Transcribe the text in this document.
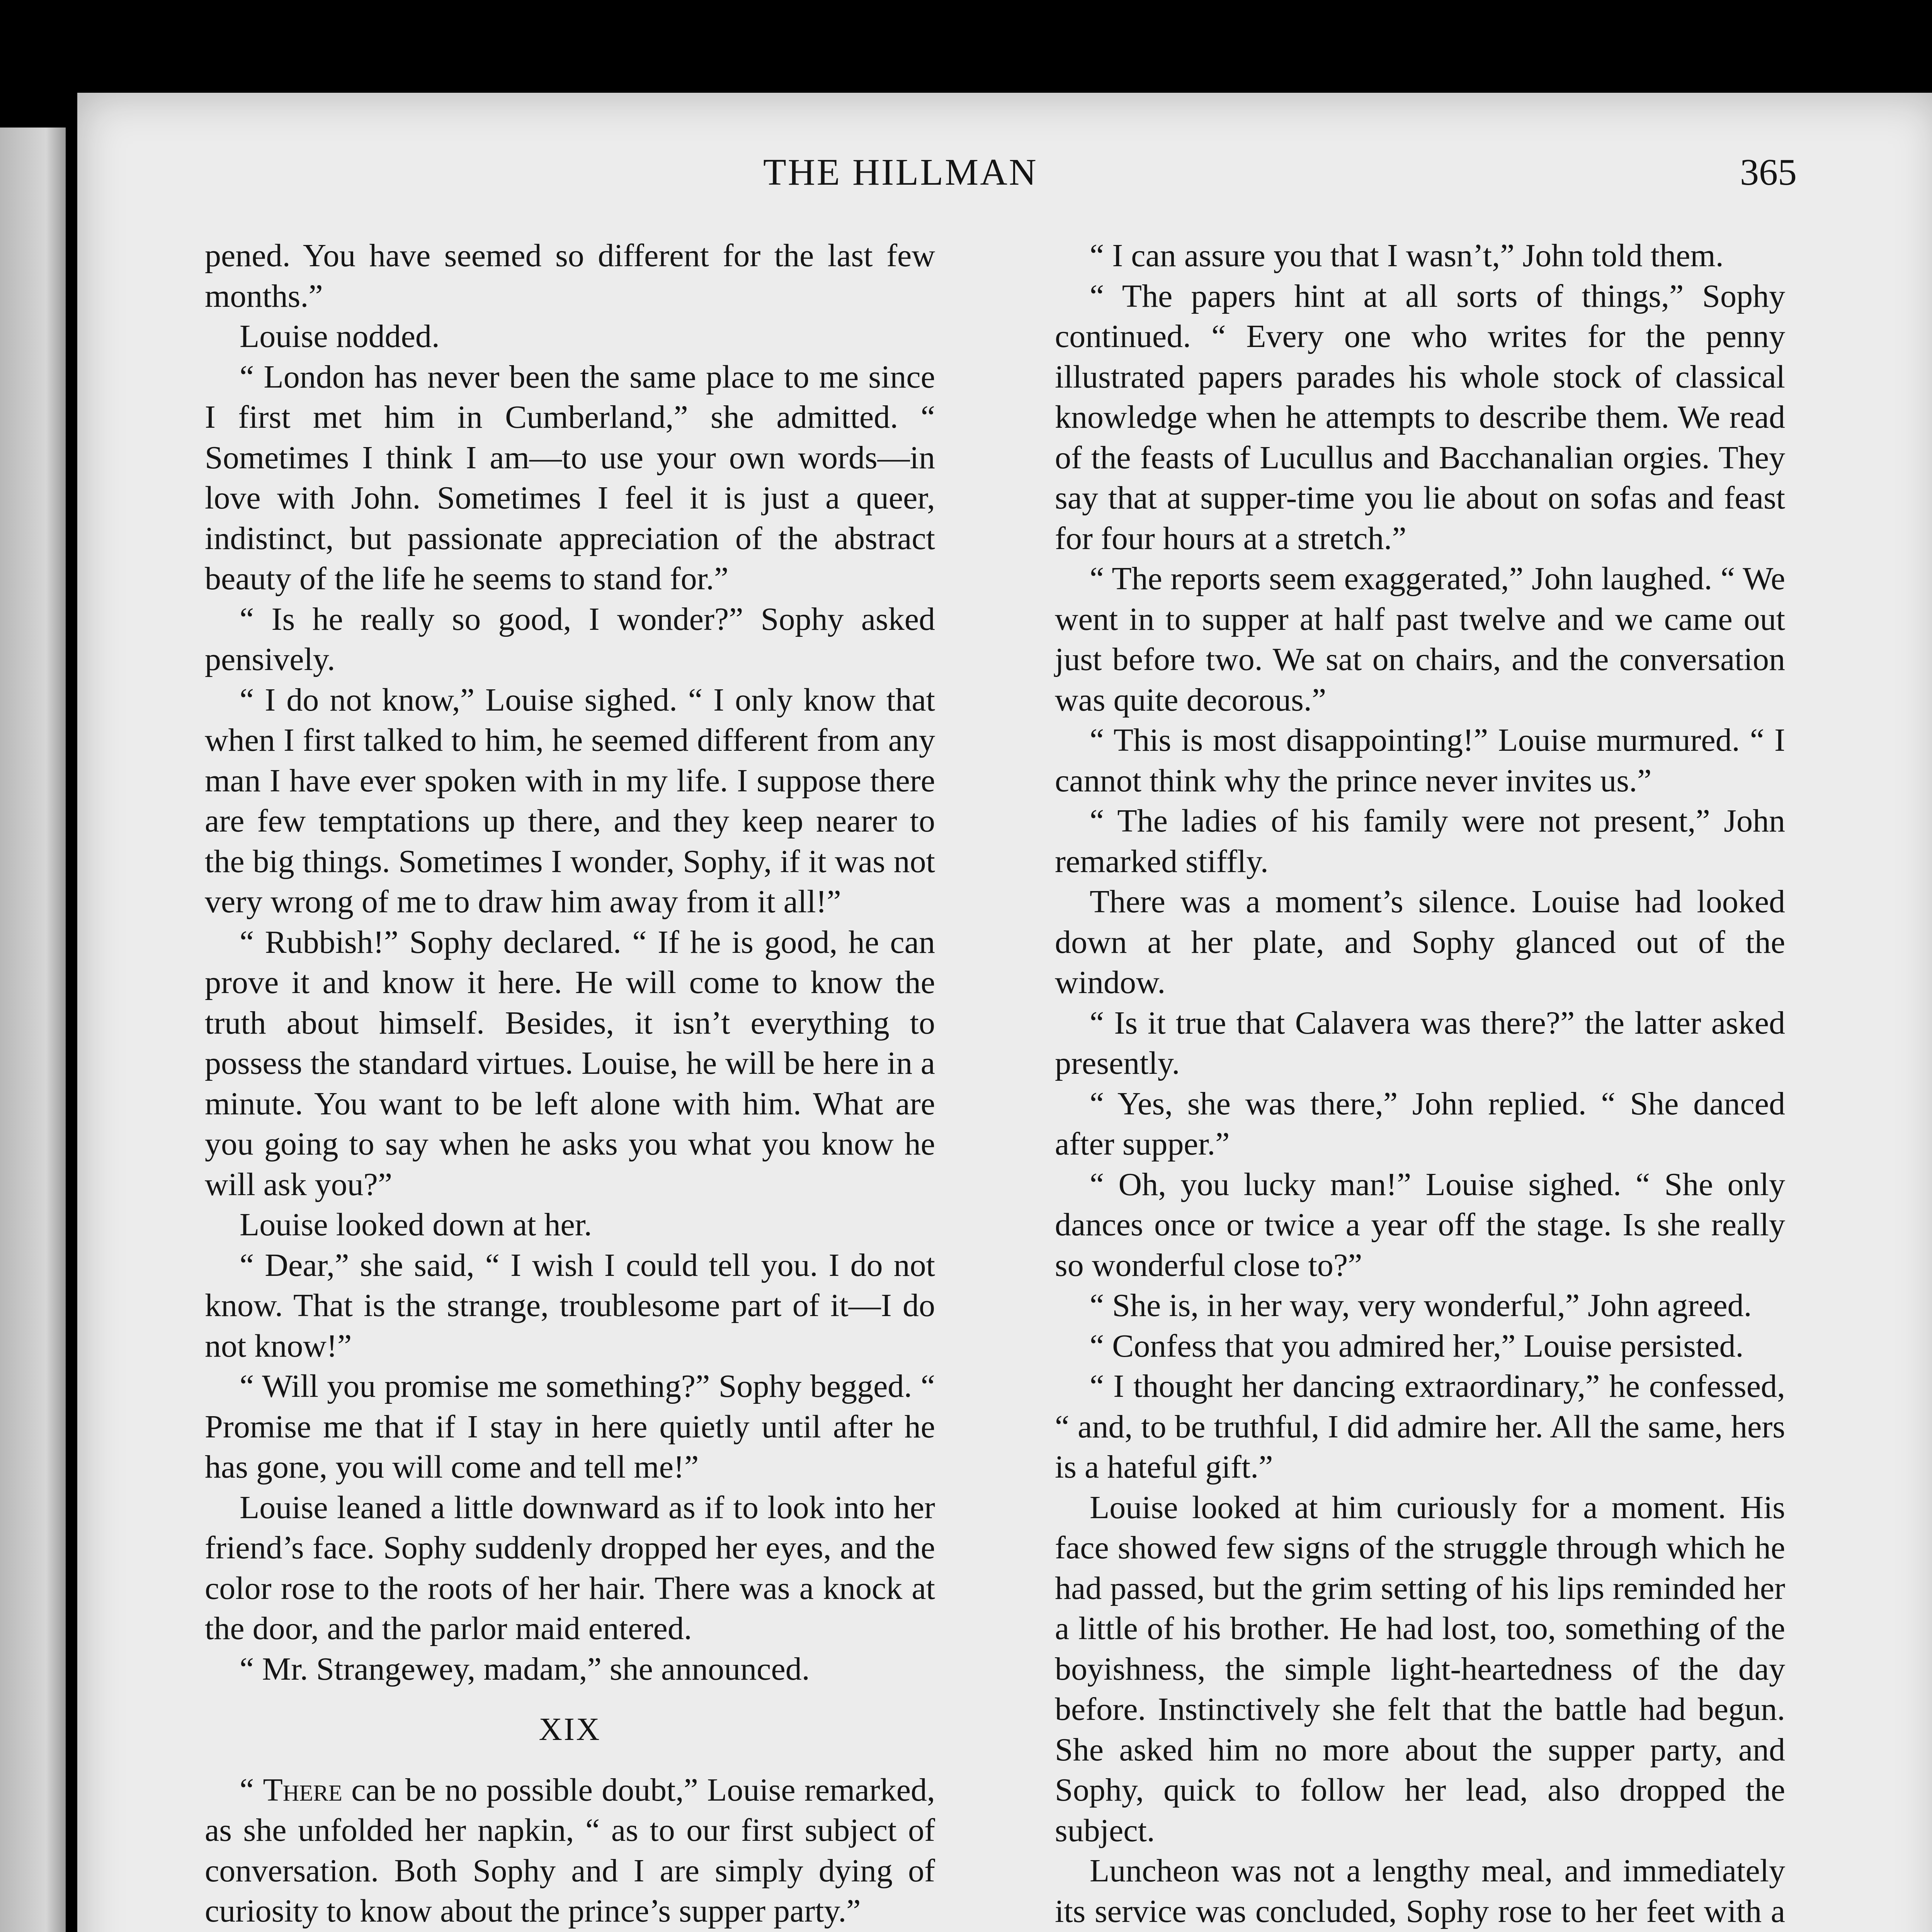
THE HILLMAN	365

pened. You have seemed so different for the last few months.”

Louise nodded.

“ London has never been the same place to me since I first met him in Cumberland,” she admitted. “ Sometimes I think I am—to use your own words—in love with John. Sometimes I feel it is just a queer, indistinct, but passionate appreciation of the abstract beauty of the life he seems to stand for.”

“ Is he really so good, I wonder?” Sophy asked pensively.

“ I do not know,” Louise sighed. “ I only know that when I first talked to him, he seemed different from any man I have ever spoken with in my life. I suppose there are few temptations up there, and they keep nearer to the big things. Sometimes I wonder, Sophy, if it was not very wrong of me to draw him away from it all!”

“ Rubbish!” Sophy declared. “ If he is good, he can prove it and know it here. He will come to know the truth about himself. Besides, it isn’t everything to possess the standard virtues. Louise, he will be here in a minute. You want to be left alone with him. What are you going to say when he asks you what you know he will ask you?”

Louise looked down at her.

“ Dear,” she said, “ I wish I could tell you. I do not know. That is the strange, troublesome part of it—I do not know!”

“ Will you promise me something?” Sophy begged. “ Promise me that if I stay in here quietly until after he has gone, you will come and tell me!”

Louise leaned a little downward as if to look into her friend’s face. Sophy suddenly dropped her eyes, and the color rose to the roots of her hair. There was a knock at the door, and the parlor maid entered.

“ Mr. Strangewey, madam,” she announced.

XIX

“ There can be no possible doubt,” Louise remarked, as she unfolded her napkin, “ as to our first subject of conversation. Both Sophy and I are simply dying of curiosity to know about the prince’s supper party.”

“ I can assure you that I wasn’t,” John told them.

“ The papers hint at all sorts of things,” Sophy continued. “ Every one who writes for the penny illustrated papers parades his whole stock of classical knowledge when he attempts to describe them. We read of the feasts of Lucullus and Bacchanalian orgies. They say that at supper-time you lie about on sofas and feast for four hours at a stretch.”

“ The reports seem exaggerated,” John laughed. “ We went in to supper at half past twelve and we came out just before two. We sat on chairs, and the conversation was quite decorous.”

“ This is most disappointing!” Louise murmured. “ I cannot think why the prince never invites us.”

“ The ladies of his family were not present,” John remarked stiffly.

There was a moment’s silence. Louise had looked down at her plate, and Sophy glanced out of the window.

“ Is it true that Calavera was there?” the latter asked presently.

“ Yes, she was there,” John replied. “ She danced after supper.”

“ Oh, you lucky man!” Louise sighed. “ She only dances once or twice a year off the stage. Is she really so wonderful close to?”

“ She is, in her way, very wonderful,” John agreed.

“ Confess that you admired her,” Louise persisted.

“ I thought her dancing extraordinary,” he confessed, “ and, to be truthful, I did admire her. All the same, hers is a hateful gift.”

Louise looked at him curiously for a moment. His face showed few signs of the struggle through which he had passed, but the grim setting of his lips reminded her a little of his brother. He had lost, too, something of the boyishness, the simple light-heartedness of the day before. Instinctively she felt that the battle had begun. She asked him no more about the supper party, and Sophy, quick to follow her lead, also dropped the subject.

Luncheon was not a lengthy meal, and immediately its service was concluded, Sophy rose to her feet with a
